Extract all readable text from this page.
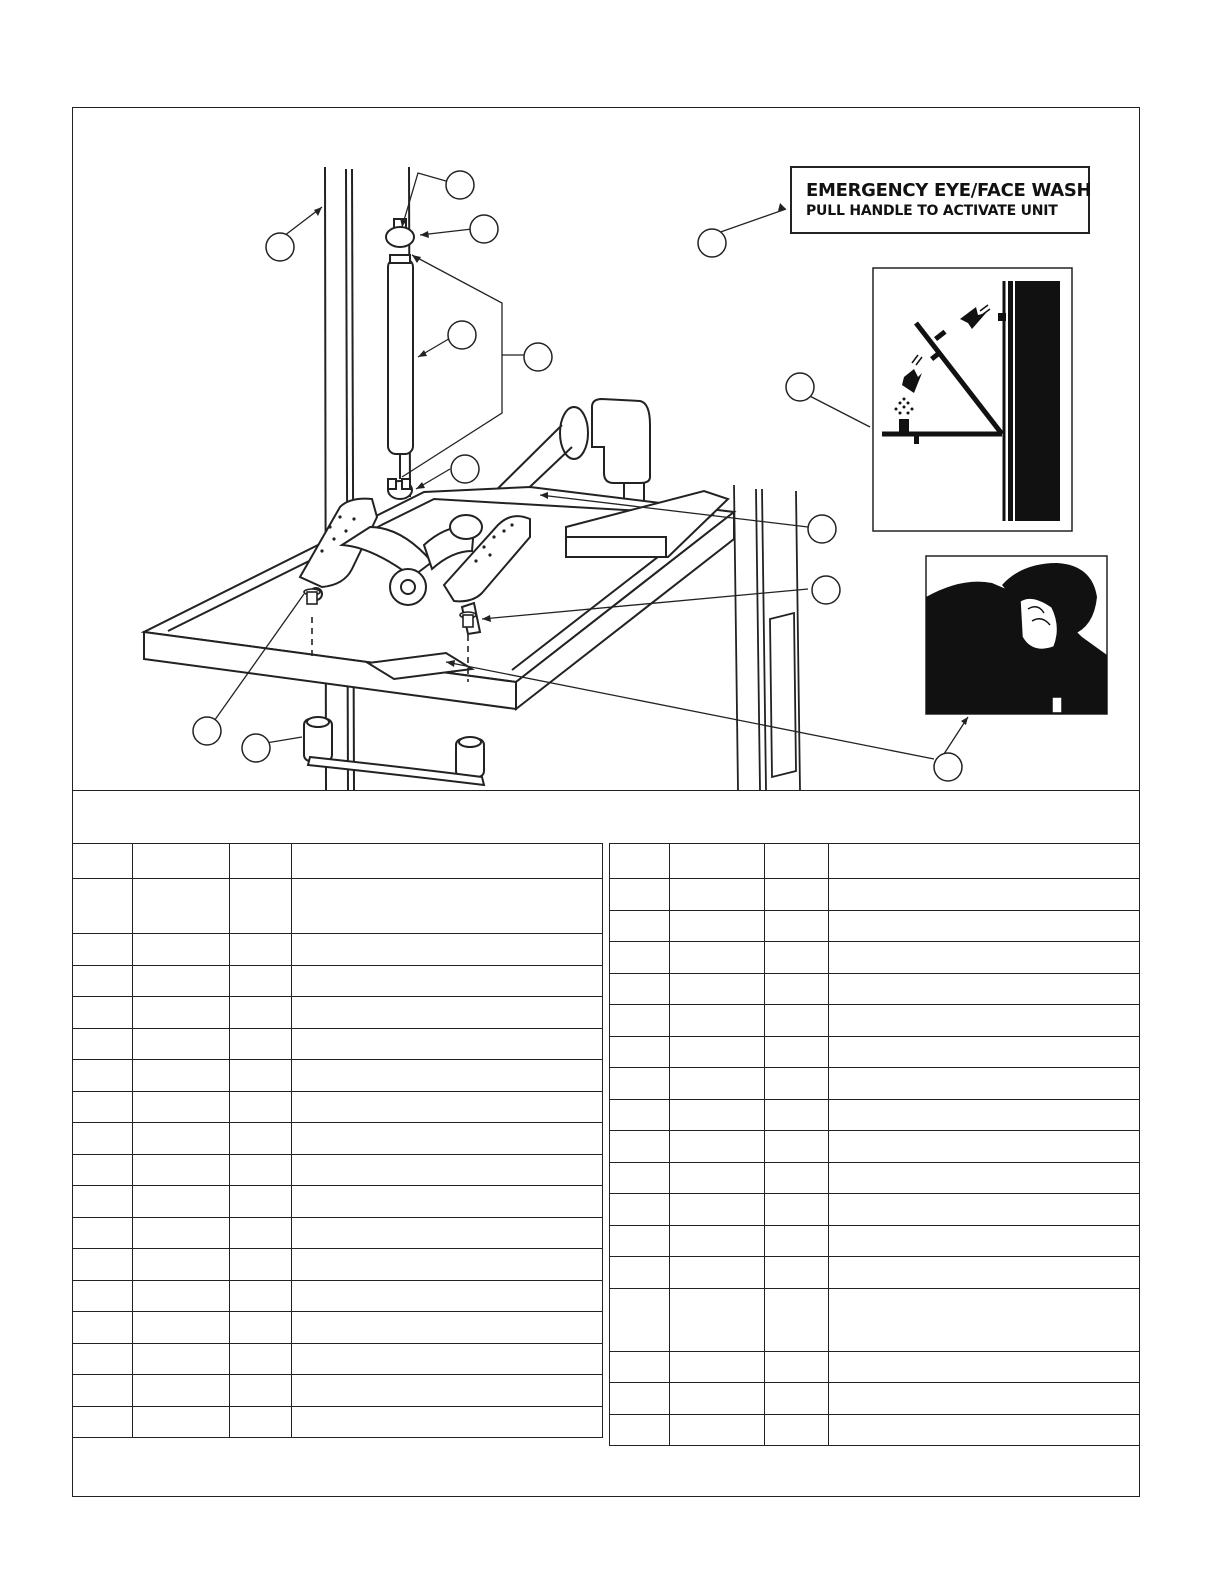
EMERGENCY EYE/FACE WASH
PULL HANDLE TO ACTIVATE UNIT
